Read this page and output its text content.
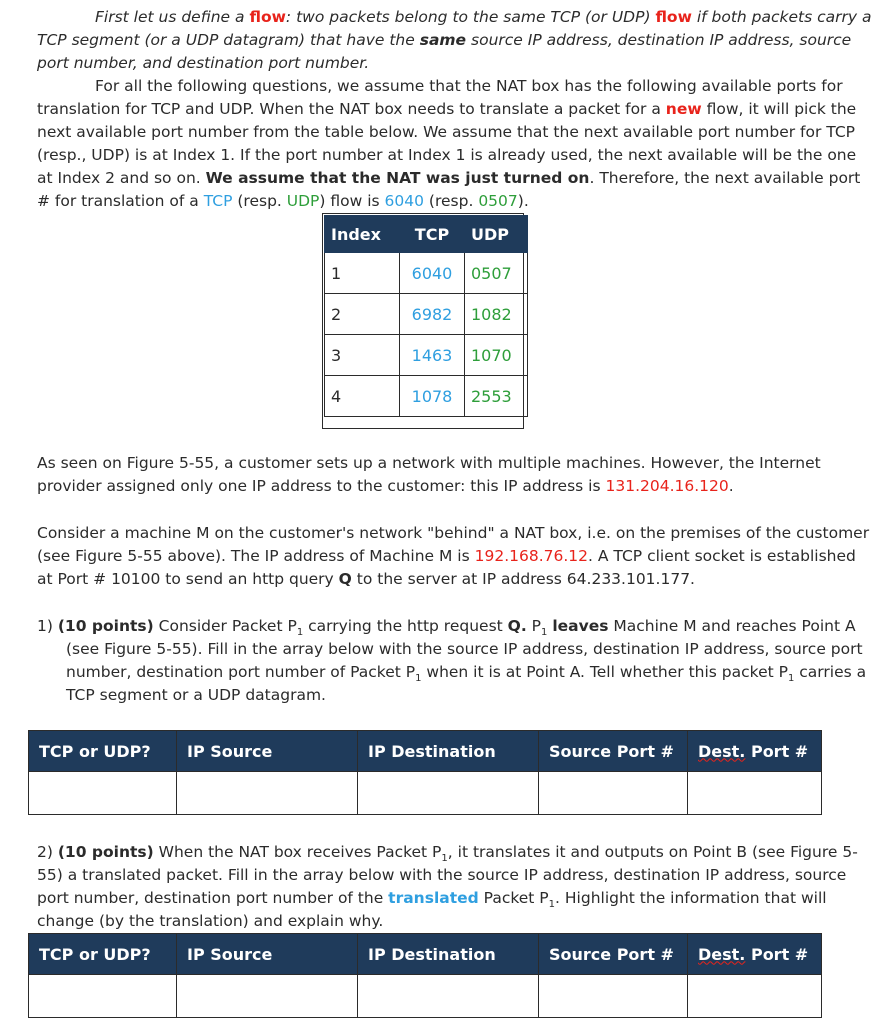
First let us define a flow: two packets belong to the same TCP (or UDP) flow if both packets carry a TCP segment (or a UDP datagram) that have the same source IP address, destination IP address, source port number, and destination port number.

For all the following questions, we assume that the NAT box has the following available ports for translation for TCP and UDP. When the NAT box needs to translate a packet for a new flow, it will pick the next available port number from the table below. We assume that the next available port number for TCP (resp., UDP) is at Index 1. If the port number at Index 1 is already used, the next available will be the one at Index 2 and so on. We assume that the NAT was just turned on. Therefore, the next available port # for translation of a TCP (resp. UDP) flow is 6040 (resp. 0507).

Index	TCP	UDP
1	6040	0507
2	6982	1082
3	1463	1070
4	1078	2553

As seen on Figure 5-55, a customer sets up a network with multiple machines. However, the Internet provider assigned only one IP address to the customer: this IP address is 131.204.16.120.

Consider a machine M on the customer's network "behind" a NAT box, i.e. on the premises of the customer (see Figure 5-55 above). The IP address of Machine M is 192.168.76.12. A TCP client socket is established at Port # 10100 to send an http query Q to the server at IP address 64.233.101.177.

1) (10 points) Consider Packet $P_1$ carrying the http request Q. $P_1$ leaves Machine M and reaches Point A (see Figure 5-55). Fill in the array below with the source IP address, destination IP address, source port number, destination port number of Packet $P_1$ when it is at Point A. Tell whether this packet $P_1$ carries a TCP segment or a UDP datagram.

TCP or UDP?	IP Source	IP Destination	Source Port #	Dest. Port #

2) (10 points) When the NAT box receives Packet $P_1$, it translates it and outputs on Point B (see Figure 5-55) a translated packet. Fill in the array below with the source IP address, destination IP address, source port number, destination port number of the translated Packet $P_1$. Highlight the information that will change (by the translation) and explain why.

TCP or UDP?	IP Source	IP Destination	Source Port #	Dest. Port #
